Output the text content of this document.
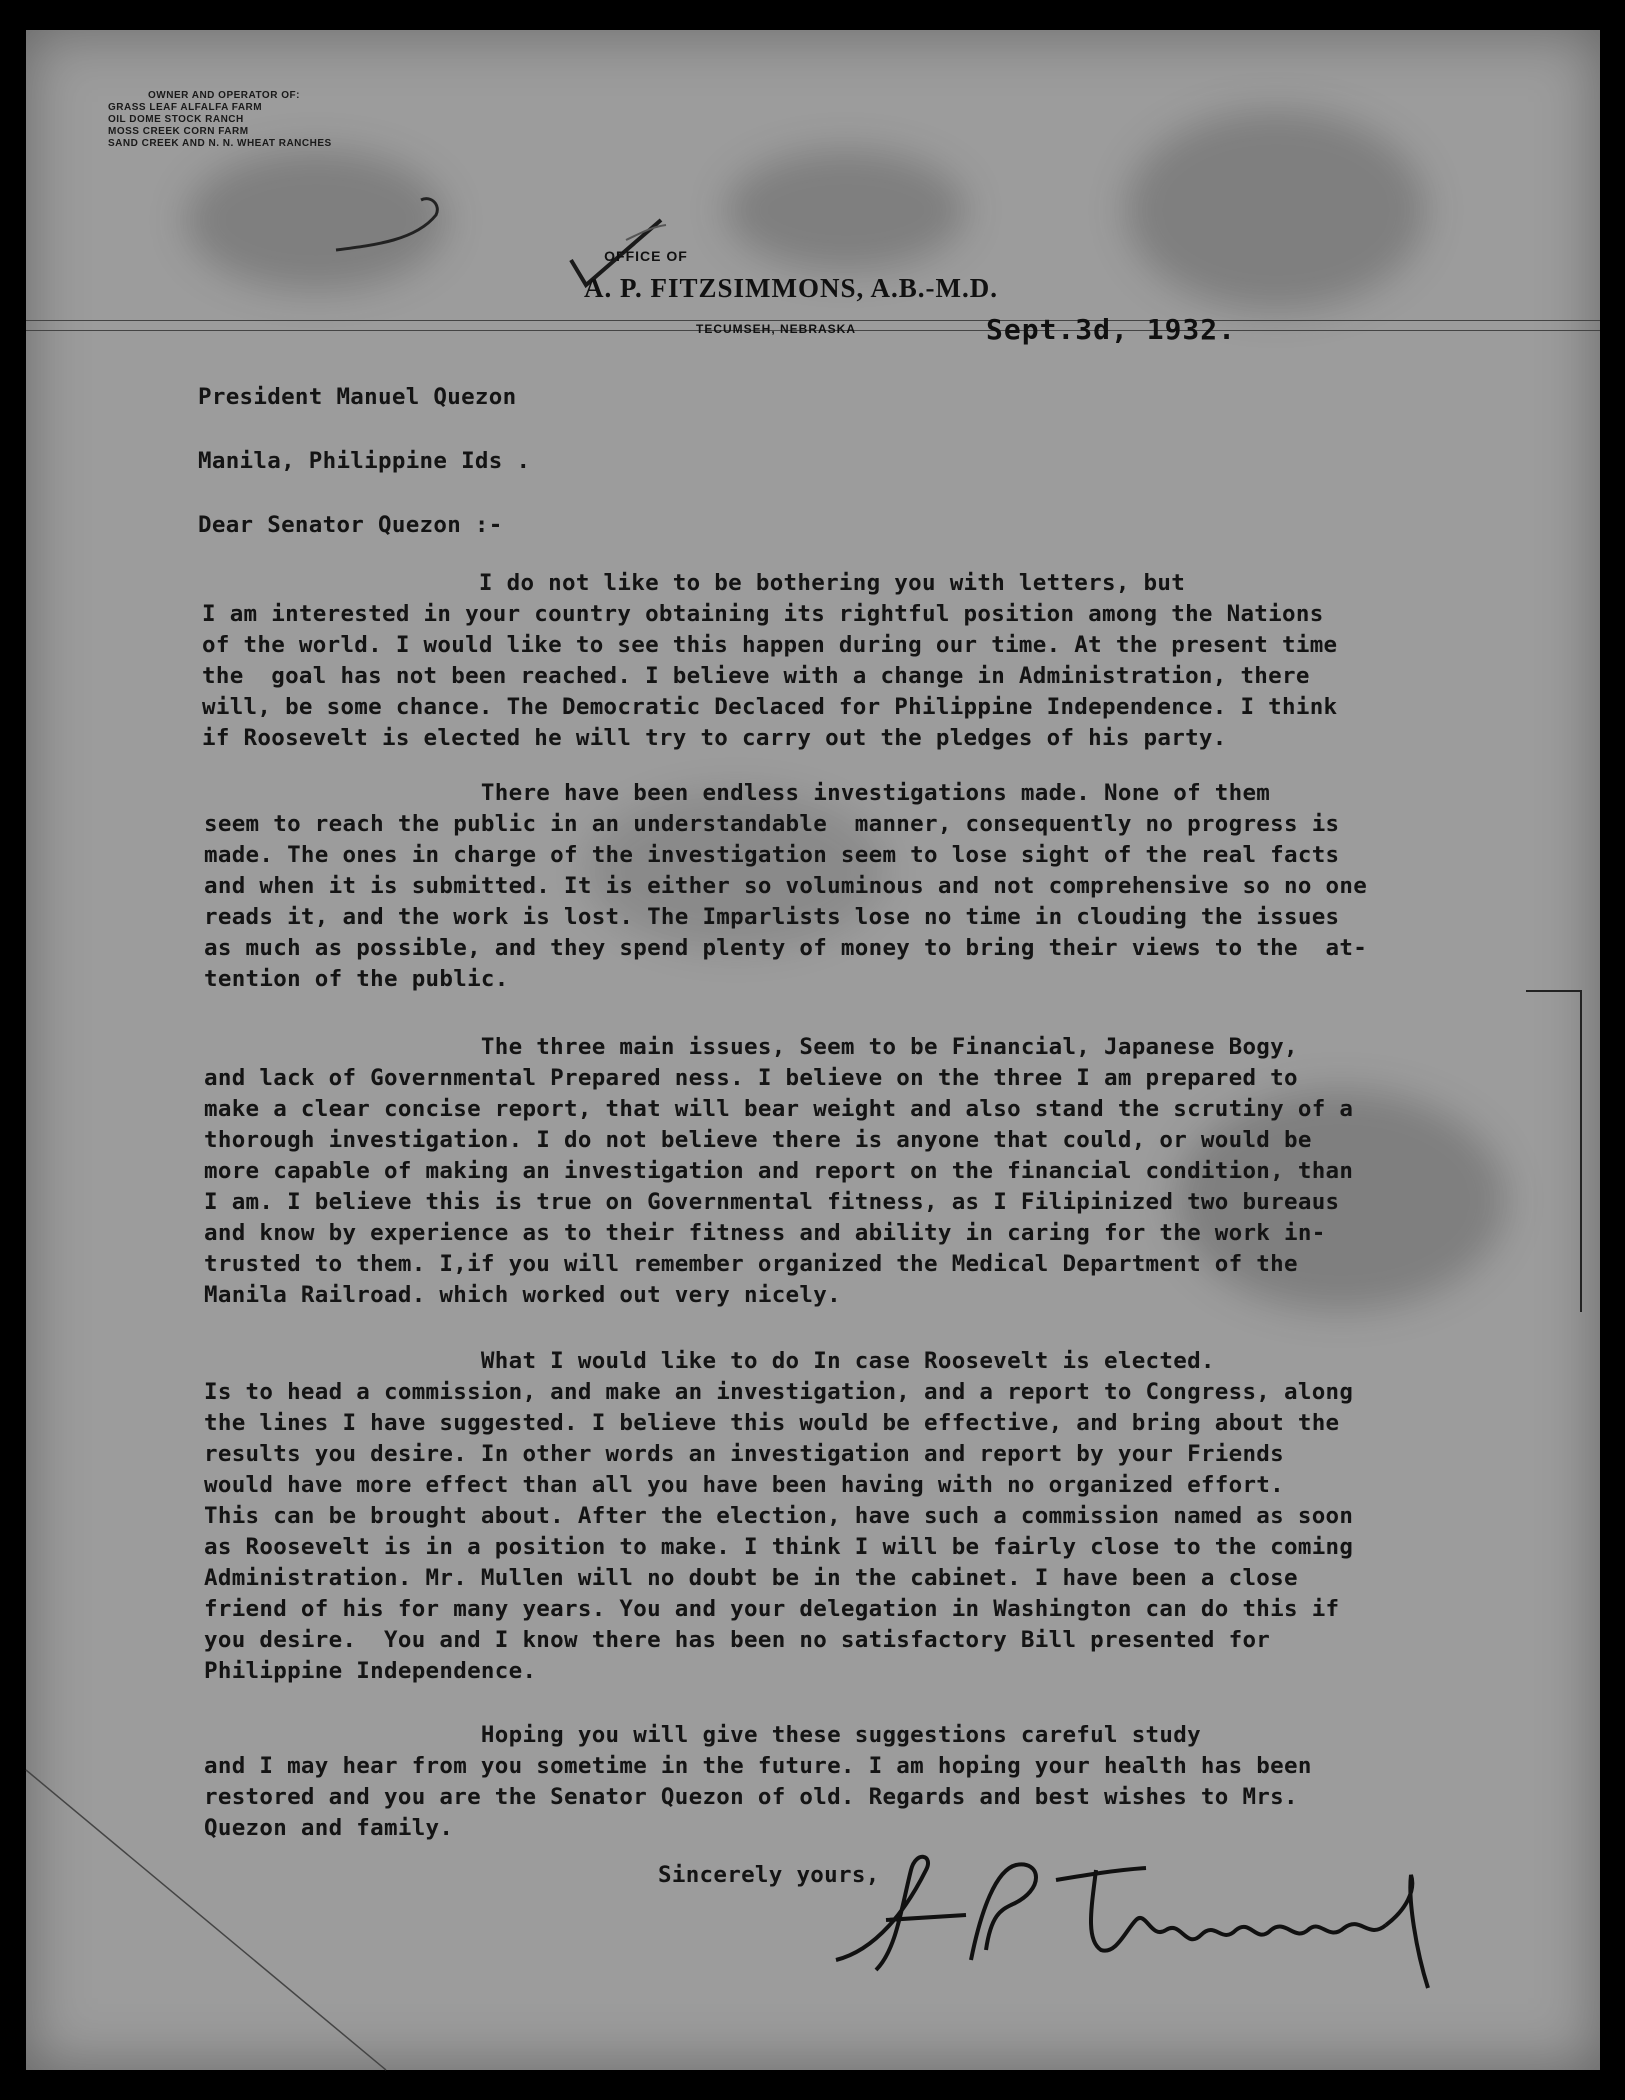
OWNER AND OPERATOR OF:
GRASS LEAF ALFALFA FARM
OIL DOME STOCK RANCH
MOSS CREEK CORN FARM
SAND CREEK AND N. N. WHEAT RANCHES
OFFICE OF
A. P. FITZSIMMONS, A.B.-M.D.
TECUMSEH, NEBRASKA	Sept.3d, 1932.
President Manuel Quezon
Manila, Philippine Ids .
Dear Senator Quezon :-
I do not like to be bothering you with letters, but
I am interested in your country obtaining its rightful position among the Nations
of the world. I would like to see this happen during our time. At the present time
the  goal has not been reached. I believe with a change in Administration, there
will, be some chance. The Democratic Declaced for Philippine Independence. I think
if Roosevelt is elected he will try to carry out the pledges of his party.
There have been endless investigations made. None of them
seem to reach the public in an understandable  manner, consequently no progress is
made. The ones in charge of the investigation seem to lose sight of the real facts
and when it is submitted. It is either so voluminous and not comprehensive so no one
reads it, and the work is lost. The Imparlists lose no time in clouding the issues
as much as possible, and they spend plenty of money to bring their views to the  at-
tention of the public.
The three main issues, Seem to be Financial, Japanese Bogy,
and lack of Governmental Prepared ness. I believe on the three I am prepared to
make a clear concise report, that will bear weight and also stand the scrutiny of a
thorough investigation. I do not believe there is anyone that could, or would be
more capable of making an investigation and report on the financial condition, than
I am. I believe this is true on Governmental fitness, as I Filipinized two bureaus
and know by experience as to their fitness and ability in caring for the work in-
trusted to them. I,if you will remember organized the Medical Department of the
Manila Railroad. which worked out very nicely.
What I would like to do In case Roosevelt is elected.
Is to head a commission, and make an investigation, and a report to Congress, along
the lines I have suggested. I believe this would be effective, and bring about the
results you desire. In other words an investigation and report by your Friends
would have more effect than all you have been having with no organized effort.
This can be brought about. After the election, have such a commission named as soon
as Roosevelt is in a position to make. I think I will be fairly close to the coming
Administration. Mr. Mullen will no doubt be in the cabinet. I have been a close
friend of his for many years. You and your delegation in Washington can do this if
you desire.  You and I know there has been no satisfactory Bill presented for
Philippine Independence.
Hoping you will give these suggestions careful study
and I may hear from you sometime in the future. I am hoping your health has been
restored and you are the Senator Quezon of old. Regards and best wishes to Mrs.
Quezon and family.
Sincerely yours,
A.P. Fitzsimmons
